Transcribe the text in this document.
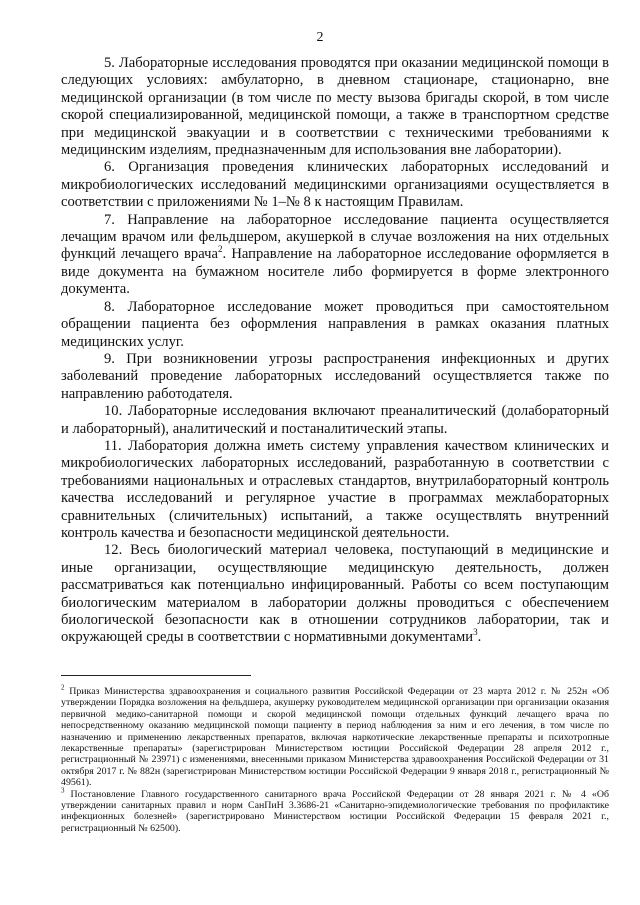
2

5. Лабораторные исследования проводятся при оказании медицинской помощи в следующих условиях: амбулаторно, в дневном стационаре, стационарно, вне медицинской организации (в том числе по месту вызова бригады скорой, в том числе скорой специализированной, медицинской помощи, а также в транспортном средстве при медицинской эвакуации и в соответствии с техническими требованиями к медицинским изделиям, предназначенным для использования вне лаборатории).

6. Организация проведения клинических лабораторных исследований и микробиологических исследований медицинскими организациями осуществляется в соответствии с приложениями № 1–№ 8 к настоящим Правилам.

7. Направление на лабораторное исследование пациента осуществляется лечащим врачом или фельдшером, акушеркой в случае возложения на них отдельных функций лечащего врача$^2$. Направление на лабораторное исследование оформляется в виде документа на бумажном носителе либо формируется в форме электронного документа.

8. Лабораторное исследование может проводиться при самостоятельном обращении пациента без оформления направления в рамках оказания платных медицинских услуг.

9. При возникновении угрозы распространения инфекционных и других заболеваний проведение лабораторных исследований осуществляется также по направлению работодателя.

10. Лабораторные исследования включают преаналитический (долабораторный и лабораторный), аналитический и постаналитический этапы.

11. Лаборатория должна иметь систему управления качеством клинических и микробиологических лабораторных исследований, разработанную в соответствии с требованиями национальных и отраслевых стандартов, внутрилабораторный контроль качества исследований и регулярное участие в программах межлабораторных сравнительных (сличительных) испытаний, а также осуществлять внутренний контроль качества и безопасности медицинской деятельности.

12. Весь биологический материал человека, поступающий в медицинские и иные организации, осуществляющие медицинскую деятельность, должен рассматриваться как потенциально инфицированный. Работы со всем поступающим биологическим материалом в лаборатории должны проводиться с обеспечением биологической безопасности как в отношении сотрудников лаборатории, так и окружающей среды в соответствии с нормативными документами$^3$.

$^2$ Приказ Министерства здравоохранения и социального развития Российской Федерации от 23 марта 2012 г. № 252н «Об утверждении Порядка возложения на фельдшера, акушерку руководителем медицинской организации при организации оказания первичной медико-санитарной помощи и скорой медицинской помощи отдельных функций лечащего врача по непосредственному оказанию медицинской помощи пациенту в период наблюдения за ним и его лечения, в том числе по назначению и применению лекарственных препаратов, включая наркотические лекарственные препараты и психотропные лекарственные препараты» (зарегистрирован Министерством юстиции Российской Федерации 28 апреля 2012 г., регистрационный № 23971) с изменениями, внесенными приказом Министерства здравоохранения Российской Федерации от 31 октября 2017 г. № 882н (зарегистрирован Министерством юстиции Российской Федерации 9 января 2018 г., регистрационный № 49561).

$^3$ Постановление Главного государственного санитарного врача Российской Федерации от 28 января 2021 г. № 4 «Об утверждении санитарных правил и норм СанПиН 3.3686-21 «Санитарно-эпидемиологические требования по профилактике инфекционных болезней» (зарегистрировано Министерством юстиции Российской Федерации 15 февраля 2021 г., регистрационный № 62500).
